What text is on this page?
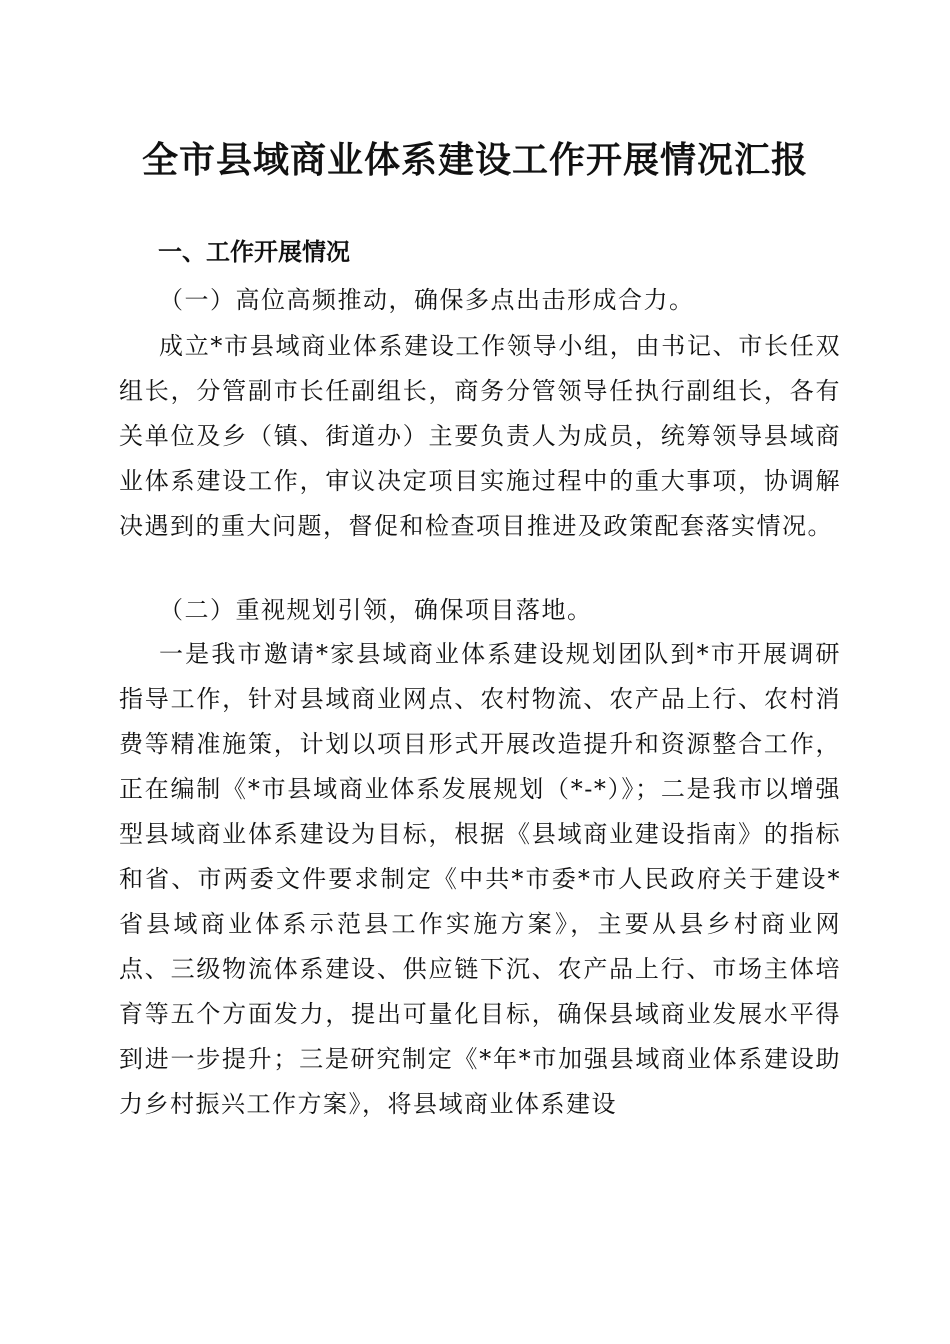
全市县域商业体系建设工作开展情况汇报
一、工作开展情况

（一）高位高频推动，确保多点出击形成合力。

成立*市县域商业体系建设工作领导小组，由书记、市长任双组长，分管副市长任副组长，商务分管领导任执行副组长，各有关单位及乡（镇、街道办）主要负责人为成员，统筹领导县域商业体系建设工作，审议决定项目实施过程中的重大事项，协调解决遇到的重大问题，督促和检查项目推进及政策配套落实情况。

（二）重视规划引领，确保项目落地。

一是我市邀请*家县域商业体系建设规划团队到*市开展调研指导工作，针对县域商业网点、农村物流、农产品上行、农村消费等精准施策，计划以项目形式开展改造提升和资源整合工作，正在编制《*市县域商业体系发展规划（*-*）》；二是我市以增强型县域商业体系建设为目标，根据《县域商业建设指南》的指标和省、市两委文件要求制定《中共*市委*市人民政府关于建设*省县域商业体系示范县工作实施方案》，主要从县乡村商业网点、三级物流体系建设、供应链下沉、农产品上行、市场主体培育等五个方面发力，提出可量化目标，确保县域商业发展水平得到进一步提升；三是研究制定《*年*市加强县域商业体系建设助力乡村振兴工作方案》，将县域商业体系建设
